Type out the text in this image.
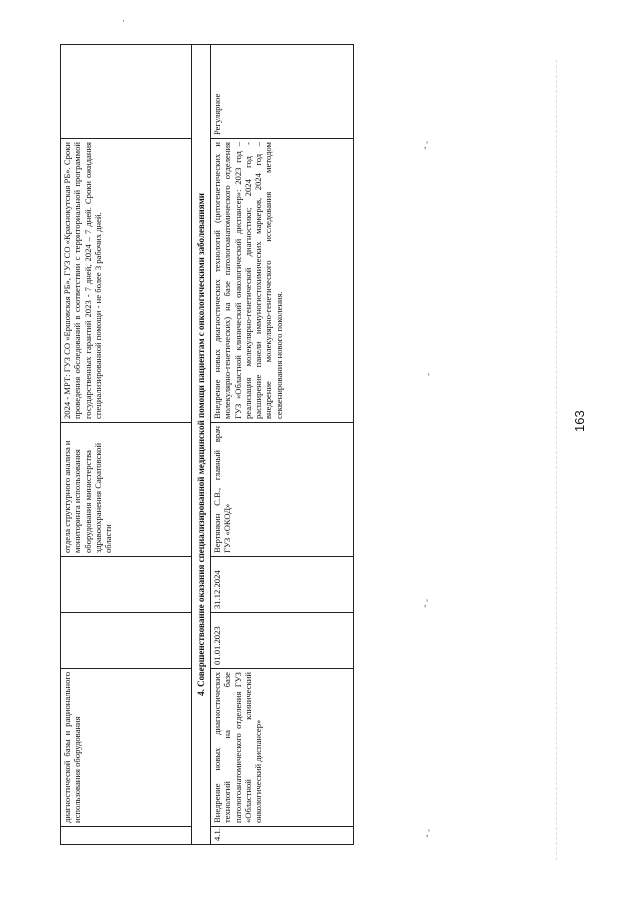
·
,'
'
,'
,'
	диагностической базы и рационального использования оборудования			отдела структурного анализа и мониторинга использования оборудования министерства здравоохранения Саратовской области	2024 - МРТ: ГУЗ СО «Ершовская РБ», ГУЗ СО «Краснокутская РБ». Сроки проведения обследований в соответствии с территориальной программой государственных гарантий 2023 - 7 дней, 2024 – 7 дней. Сроки ожидания специализированной помощи - не более 3 рабочих дней.	
4. Совершенствование оказания специализированной медицинской помощи пациентам с онкологическими заболеваниями						
4.1.	Внедрение новых диагностических технологий на базе патологоанатомического отделения ГУЗ «Областной клинический онкологический диспансер»	01.01.2023	31.12.2024	Вертянкин С.В., главный врач ГУЗ «ОКОД»	Внедрение новых диагностических технологий (цитогенетических и молекулярно-генетических) на базе патологоанатомического отделения ГУЗ «Областной клинический онкологический диспансер»: 2023 год – реализация молекулярно-генетической диагностики; 2024 год - расширение панели иммуногистохимических маркеров, 2024 год – внедрение молекулярно-генетического исследования методом секвенирования нового поколения.	Регулярное
163
